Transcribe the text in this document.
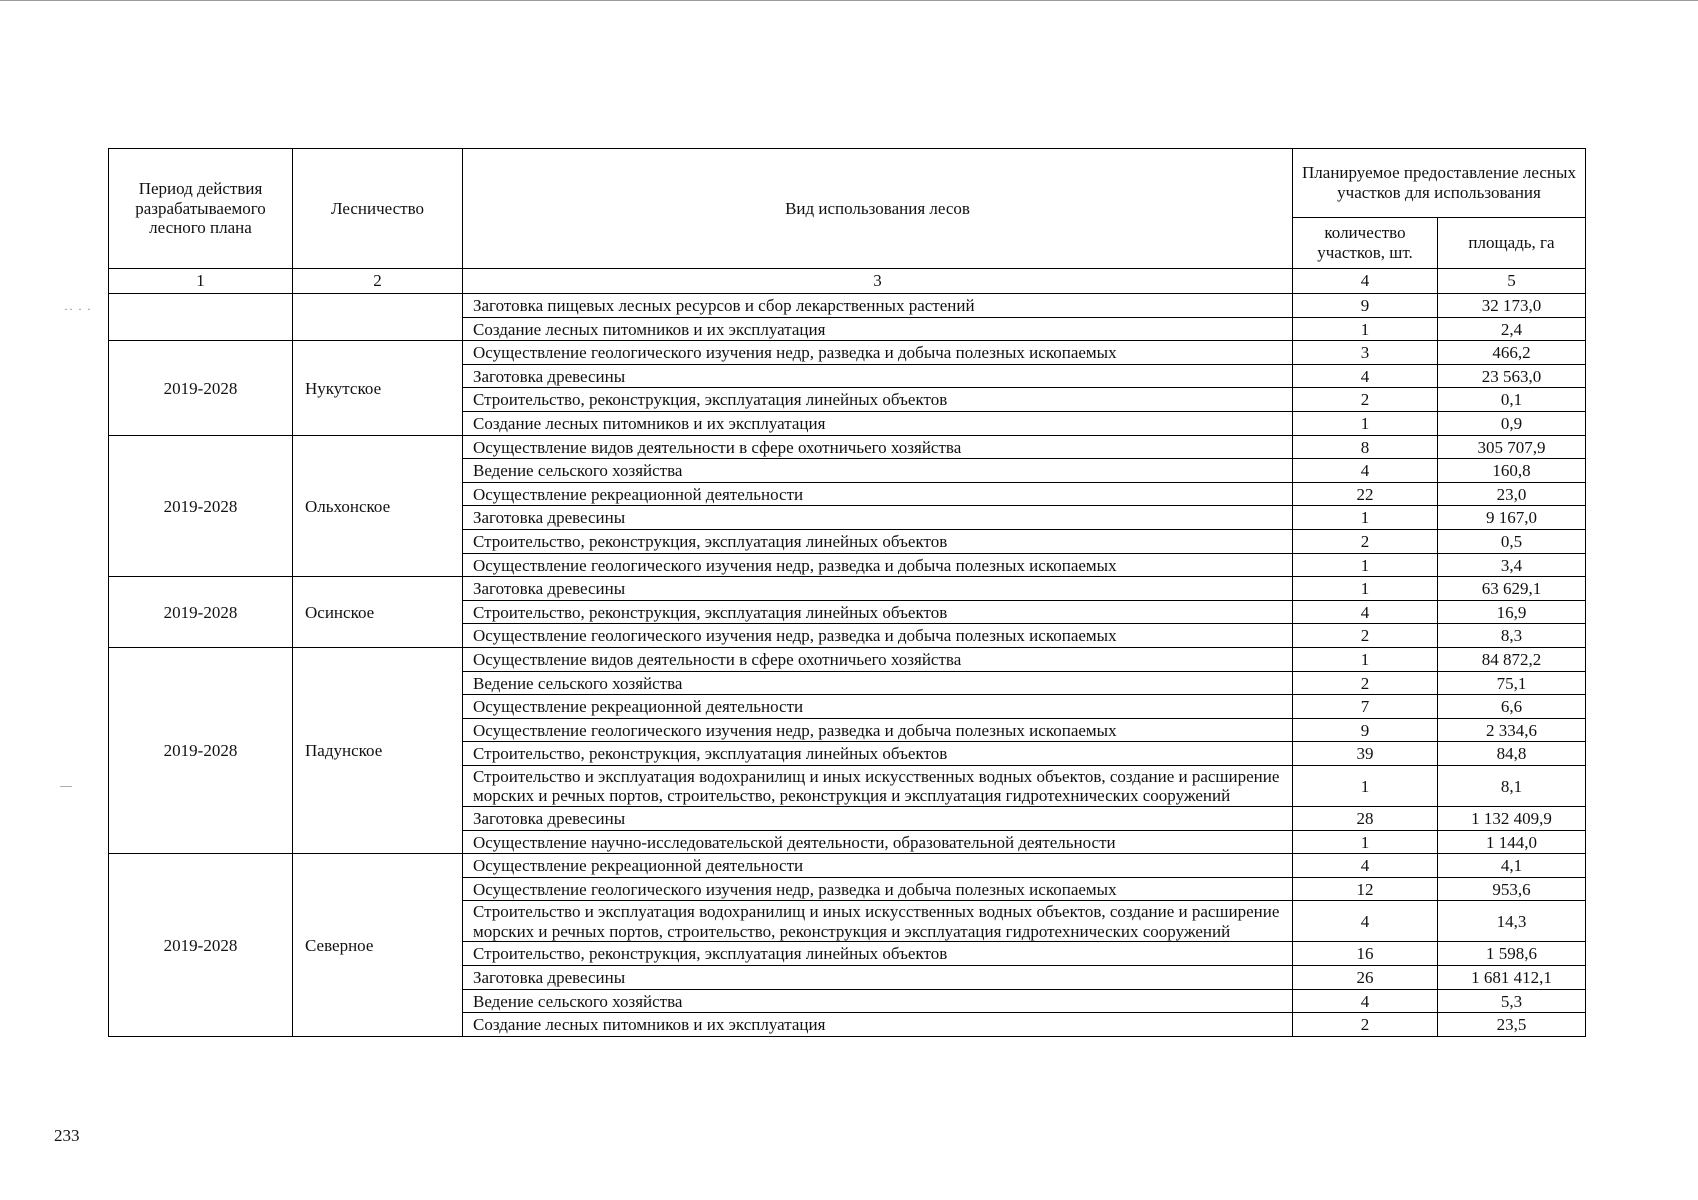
·· · ·
—
Период действия разрабатываемого лесного плана	Лесничество	Вид использования лесов	Планируемое предоставление лесных участков для использования	
			количество участков, шт.	площадь, га
1	2	3	4	5
		Заготовка пищевых лесных ресурсов и сбор лекарственных растений	9	32 173,0
		Создание лесных питомников и их эксплуатация	1	2,4
2019-2028	Нукутское	Осуществление геологического изучения недр, разведка и добыча полезных ископаемых	3	466,2
		Заготовка древесины	4	23 563,0
		Строительство, реконструкция, эксплуатация линейных объектов	2	0,1
		Создание лесных питомников и их эксплуатация	1	0,9
2019-2028	Ольхонское	Осуществление видов деятельности в сфере охотничьего хозяйства	8	305 707,9
		Ведение сельского хозяйства	4	160,8
		Осуществление рекреационной деятельности	22	23,0
		Заготовка древесины	1	9 167,0
		Строительство, реконструкция, эксплуатация линейных объектов	2	0,5
		Осуществление геологического изучения недр, разведка и добыча полезных ископаемых	1	3,4
2019-2028	Осинское	Заготовка древесины	1	63 629,1
		Строительство, реконструкция, эксплуатация линейных объектов	4	16,9
		Осуществление геологического изучения недр, разведка и добыча полезных ископаемых	2	8,3
2019-2028	Падунское	Осуществление видов деятельности в сфере охотничьего хозяйства	1	84 872,2
		Ведение сельского хозяйства	2	75,1
		Осуществление рекреационной деятельности	7	6,6
		Осуществление геологического изучения недр, разведка и добыча полезных ископаемых	9	2 334,6
		Строительство, реконструкция, эксплуатация линейных объектов	39	84,8
		Строительство и эксплуатация водохранилищ и иных искусственных водных объектов, создание и расширение морских и речных портов, строительство, реконструкция и эксплуатация гидротехнических сооружений	1	8,1
		Заготовка древесины	28	1 132 409,9
		Осуществление научно-исследовательской деятельности, образовательной деятельности	1	1 144,0
2019-2028	Северное	Осуществление рекреационной деятельности	4	4,1
		Осуществление геологического изучения недр, разведка и добыча полезных ископаемых	12	953,6
		Строительство и эксплуатация водохранилищ и иных искусственных водных объектов, создание и расширение морских и речных портов, строительство, реконструкция и эксплуатация гидротехнических сооружений	4	14,3
		Строительство, реконструкция, эксплуатация линейных объектов	16	1 598,6
		Заготовка древесины	26	1 681 412,1
		Ведение сельского хозяйства	4	5,3
		Создание лесных питомников и их эксплуатация	2	23,5
233
